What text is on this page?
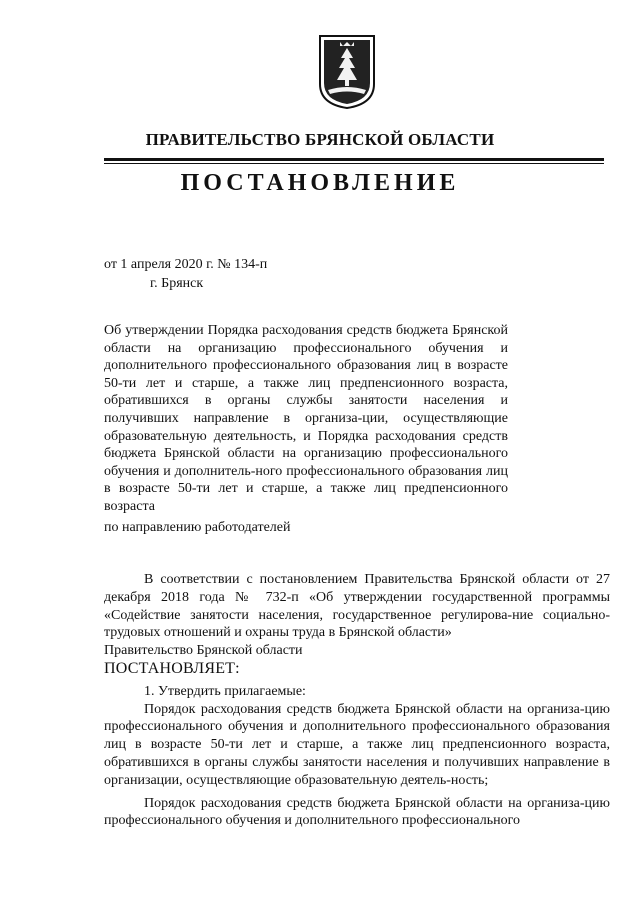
ПРАВИТЕЛЬСТВО БРЯНСКОЙ ОБЛАСТИ
ПОСТАНОВЛЕНИЕ
от 1 апреля 2020 г. № 134-п
г. Брянск

Об утверждении Порядка расходования средств бюджета Брянской области на организацию профессионального обучения и дополнительного профессионального образования лиц в возрасте 50-ти лет и старше, а также лиц предпенсионного возраста, обратившихся в органы службы занятости населения и получивших направление в организа-ции, осуществляющие образовательную деятельность, и Порядка расходования средств бюджета Брянской области на организацию профессионального обучения и дополнитель-ного профессионального образования лиц в возрасте 50-ти лет и старше, а также лиц предпенсионного возраста

по направлению работодателей

В соответствии с постановлением Правительства Брянской области от 27 декабря 2018 года № 732-п «Об утверждении государственной программы «Содействие занятости населения, государственное регулирова-ние социально-трудовых отношений и охраны труда в Брянской области»

Правительство Брянской области

ПОСТАНОВЛЯЕТ:

1. Утвердить прилагаемые:

Порядок расходования средств бюджета Брянской области на организа-цию профессионального обучения и дополнительного профессионального образования лиц в возрасте 50-ти лет и старше, а также лиц предпенсионного возраста, обратившихся в органы службы занятости населения и получивших направление в организации, осуществляющие образовательную деятель-ность;

Порядок расходования средств бюджета Брянской области на организа-цию профессионального обучения и дополнительного профессионального
